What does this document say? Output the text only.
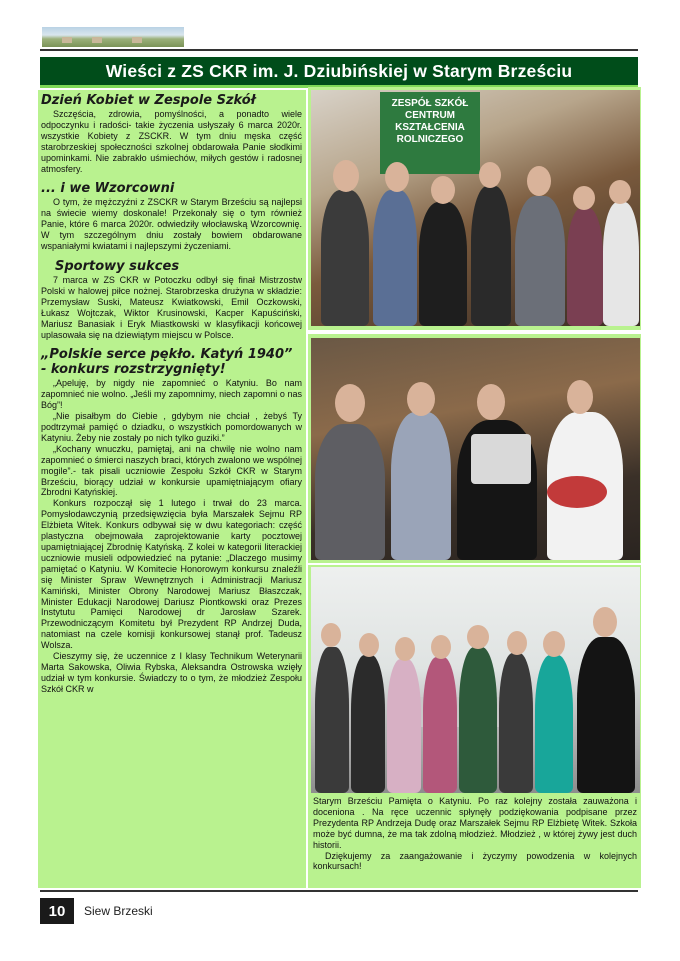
Wieści z ZS CKR im. J. Dziubińskiej w Starym Brześciu
Dzień Kobiet w Zespole Szkół

Szczęścia, zdrowia, pomyślności, a ponadto wiele odpoczynku i radości- takie życzenia usłyszały 6 marca 2020r. wszystkie Kobiety z ZSCKR. W tym dniu męska część starobrzeskiej społeczności szkolnej obdarowała Panie słodkimi upominkami. Nie zabrakło uśmiechów, miłych gestów i radosnej atmosfery.

... i we Wzorcowni

O tym, że mężczyźni z ZSCKR w Starym Brześciu są najlepsi na świecie wiemy doskonale! Przekonały się o tym również Panie, które 6 marca 2020r. odwiedziły włocławską Wzorcownię. W tym szczególnym dniu zostały bowiem obdarowane wspaniałymi kwiatami i najlepszymi życzeniami.

Sportowy sukces

7 marca w ZS CKR w Potoczku odbył się finał Mistrzostw Polski w halowej piłce nożnej. Starobrzeska drużyna w składzie: Przemysław Suski, Mateusz Kwiatkowski, Emil Oczkowski, Łukasz Wojtczak, Wiktor Krusinowski, Kacper Kapuściński, Mariusz Banasiak i Eryk Miastkowski w klasyfikacji końcowej uplasowała się na dziewiątym miejscu w Polsce.

„Polskie serce pękło. Katyń 1940” - konkurs rozstrzygnięty!

„Apeluję, by nigdy nie zapomnieć o Katyniu. Bo nam zapomnieć nie wolno. „Jeśli my zapomnimy, niech zapomni o nas Bóg”!

„Nie pisałbym do Ciebie , gdybym nie chciał , żebyś Ty podtrzymał pamięć o dziadku, o wszystkich pomordowanych w Katyniu. Żeby nie zostały po nich tylko guziki.”

„Kochany wnuczku, pamiętaj, ani na chwilę nie wolno nam zapomnieć o śmierci naszych braci, których zwalono we wspólnej mogile”.- tak pisali uczniowie Zespołu Szkół CKR w Starym Brześciu, biorący udział w konkursie upamiętniającym ofiary Zbrodni Katyńskiej.

Konkurs rozpoczął się 1 lutego i trwał do 23 marca. Pomysłodawczynią przedsięwzięcia była Marszałek Sejmu RP Elżbieta Witek. Konkurs odbywał się w dwu kategoriach: część plastyczna obejmowała zaprojektowanie karty pocztowej upamiętniającej Zbrodnię Katyńską. Z kolei w kategorii literackiej uczniowie musieli odpowiedzieć na pytanie: „Dlaczego musimy pamiętać o Katyniu. W Komitecie Honorowym konkursu znaleźli się Minister Spraw Wewnętrznych i Administracji Mariusz Kamiński, Minister Obrony Narodowej Mariusz Błaszczak, Minister Edukacji Narodowej Dariusz Piontkowski oraz Prezes Instytutu Pamięci Narodowej dr Jarosław Szarek. Przewodniczącym Komitetu był Prezydent RP Andrzej Duda, natomiast na czele komisji konkursowej stanął prof. Tadeusz Wolsza.

Cieszymy się, że uczennice z I klasy Technikum Weterynarii Marta Sakowska, Oliwia Rybska, Aleksandra Ostrowska wzięły udział w tym konkursie. Świadczy to o tym, że młodzież Zespołu Szkół CKR w

ZESPÓŁ SZKÓŁ CENTRUM KSZTAŁCENIA ROLNICZEGO

Starym Brześciu Pamięta o Katyniu. Po raz kolejny została zauważona i doceniona . Na ręce uczennic spłynęły podziękowania podpisane przez Prezydenta RP Andrzeja Dudę oraz Marszałek Sejmu RP Elżbietę Witek. Szkoła może być dumna, że ma tak zdolną młodzież. Młodzież , w której żywy jest duch historii.

Dziękujemy za zaangażowanie i życzymy powodzenia w kolejnych konkursach!

10	Siew Brzeski
